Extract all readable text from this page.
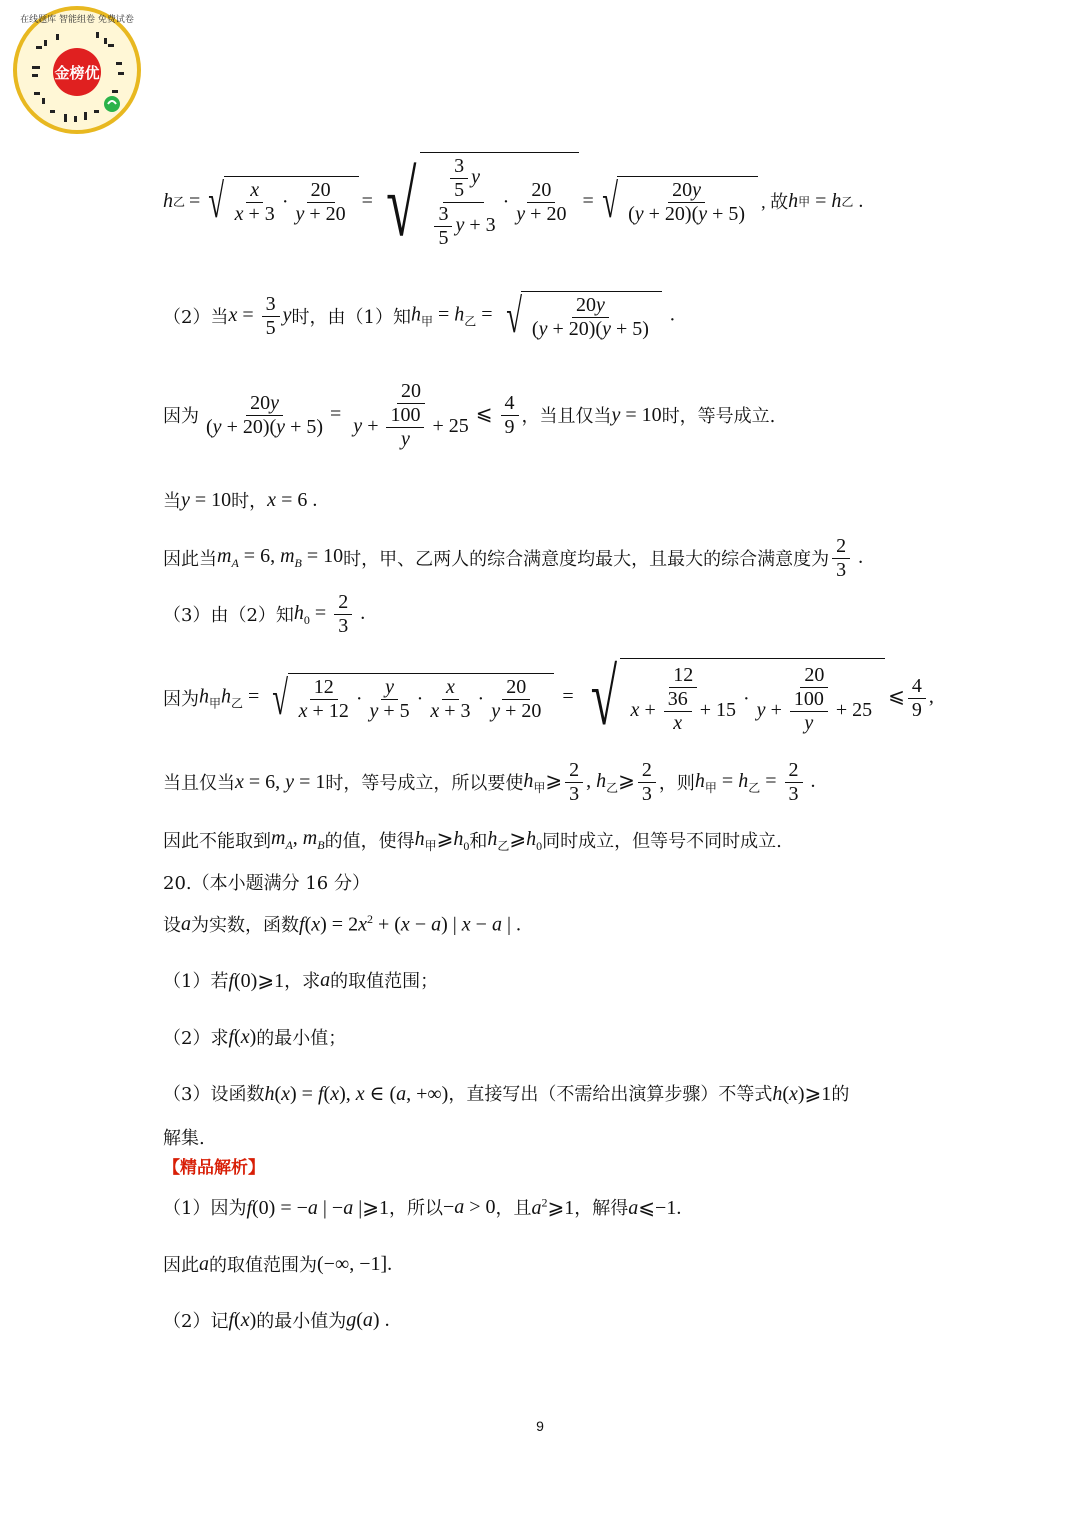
金榜优
在线题库 智能组卷 免费试卷
h 乙 = √ $\frac{x}{x + 3} \cdot \frac{20}{y + 20}$ = √ $\frac{\frac{3}{5} y}{\frac{3}{5} y + 3} \cdot \frac{20}{y + 20}$ = √ $\frac{20y}{(y + 20)(y + 5)}$ , 故 h 甲 = h 乙 .
（2）当 $x = \frac{3}{5}$ y 时，由（1）知 $h_甲 = h_乙$ = √ $\frac{20y}{(y + 20)(y + 5)}$ .
因为 $\frac{20y}{(y + 20)(y + 5)} = \frac{20}{y + \frac{100}{y} + 25}$ ⩽ $\frac{4}{9}$ ，当且仅当 y = 10 时，等号成立.
当 y = 10 时， x = 6 .
因此当 $m_A = 6$, $m_B = 10$ 时，甲、乙两人的综合满意度均最大，且最大的综合满意度为 $\frac{2}{3}$ .
（3）由（2）知 $h_0 = \frac{2}{3}$ .
因为 $h_甲h_乙$ = √ $\frac{12}{x + 12} \cdot \frac{y}{y + 5} \cdot \frac{x}{x + 3} \cdot \frac{20}{y + 20}$ = √ $\frac{12}{x + \frac{36}{x} + 15} \cdot \frac{20}{y + \frac{100}{y} + 25}$ ⩽ $\frac{4}{9}$ ,
当且仅当 x = 6, y = 1 时，等号成立，所以要使 $h_甲⩾ \frac{2}{3}$ , $h_乙⩾ \frac{2}{3}$ ，则 $h_甲 = h_乙 = \frac{2}{3}$ .
因此不能取到 $m_A$, $m_B$ 的值，使得 $h_甲⩾h_0$ 和 $h_乙⩾h_0$ 同时成立，但等号不同时成立.
20.（本小题满分 16 分）
设 a 为实数，函数 $f(x) = 2x^2 + (x - a)$ | x − a | .
（1）若 f(0)⩾1 ，求 a 的取值范围；
（2）求 f(x) 的最小值；
（3）设函数 h(x) = f(x), x ∈ (a, +∞) ，直接写出（不需给出演算步骤）不等式 h(x)⩾1 的
解集.
【精品解析】
（1）因为 f(0) = −a | −a |⩾1 ，所以 −a > 0 ，且 $a^2⩾1$ ，解得 a⩽−1.
因此 a 的取值范围为 (−∞, −1].
（2）记 f(x) 的最小值为 g(a) .
9
